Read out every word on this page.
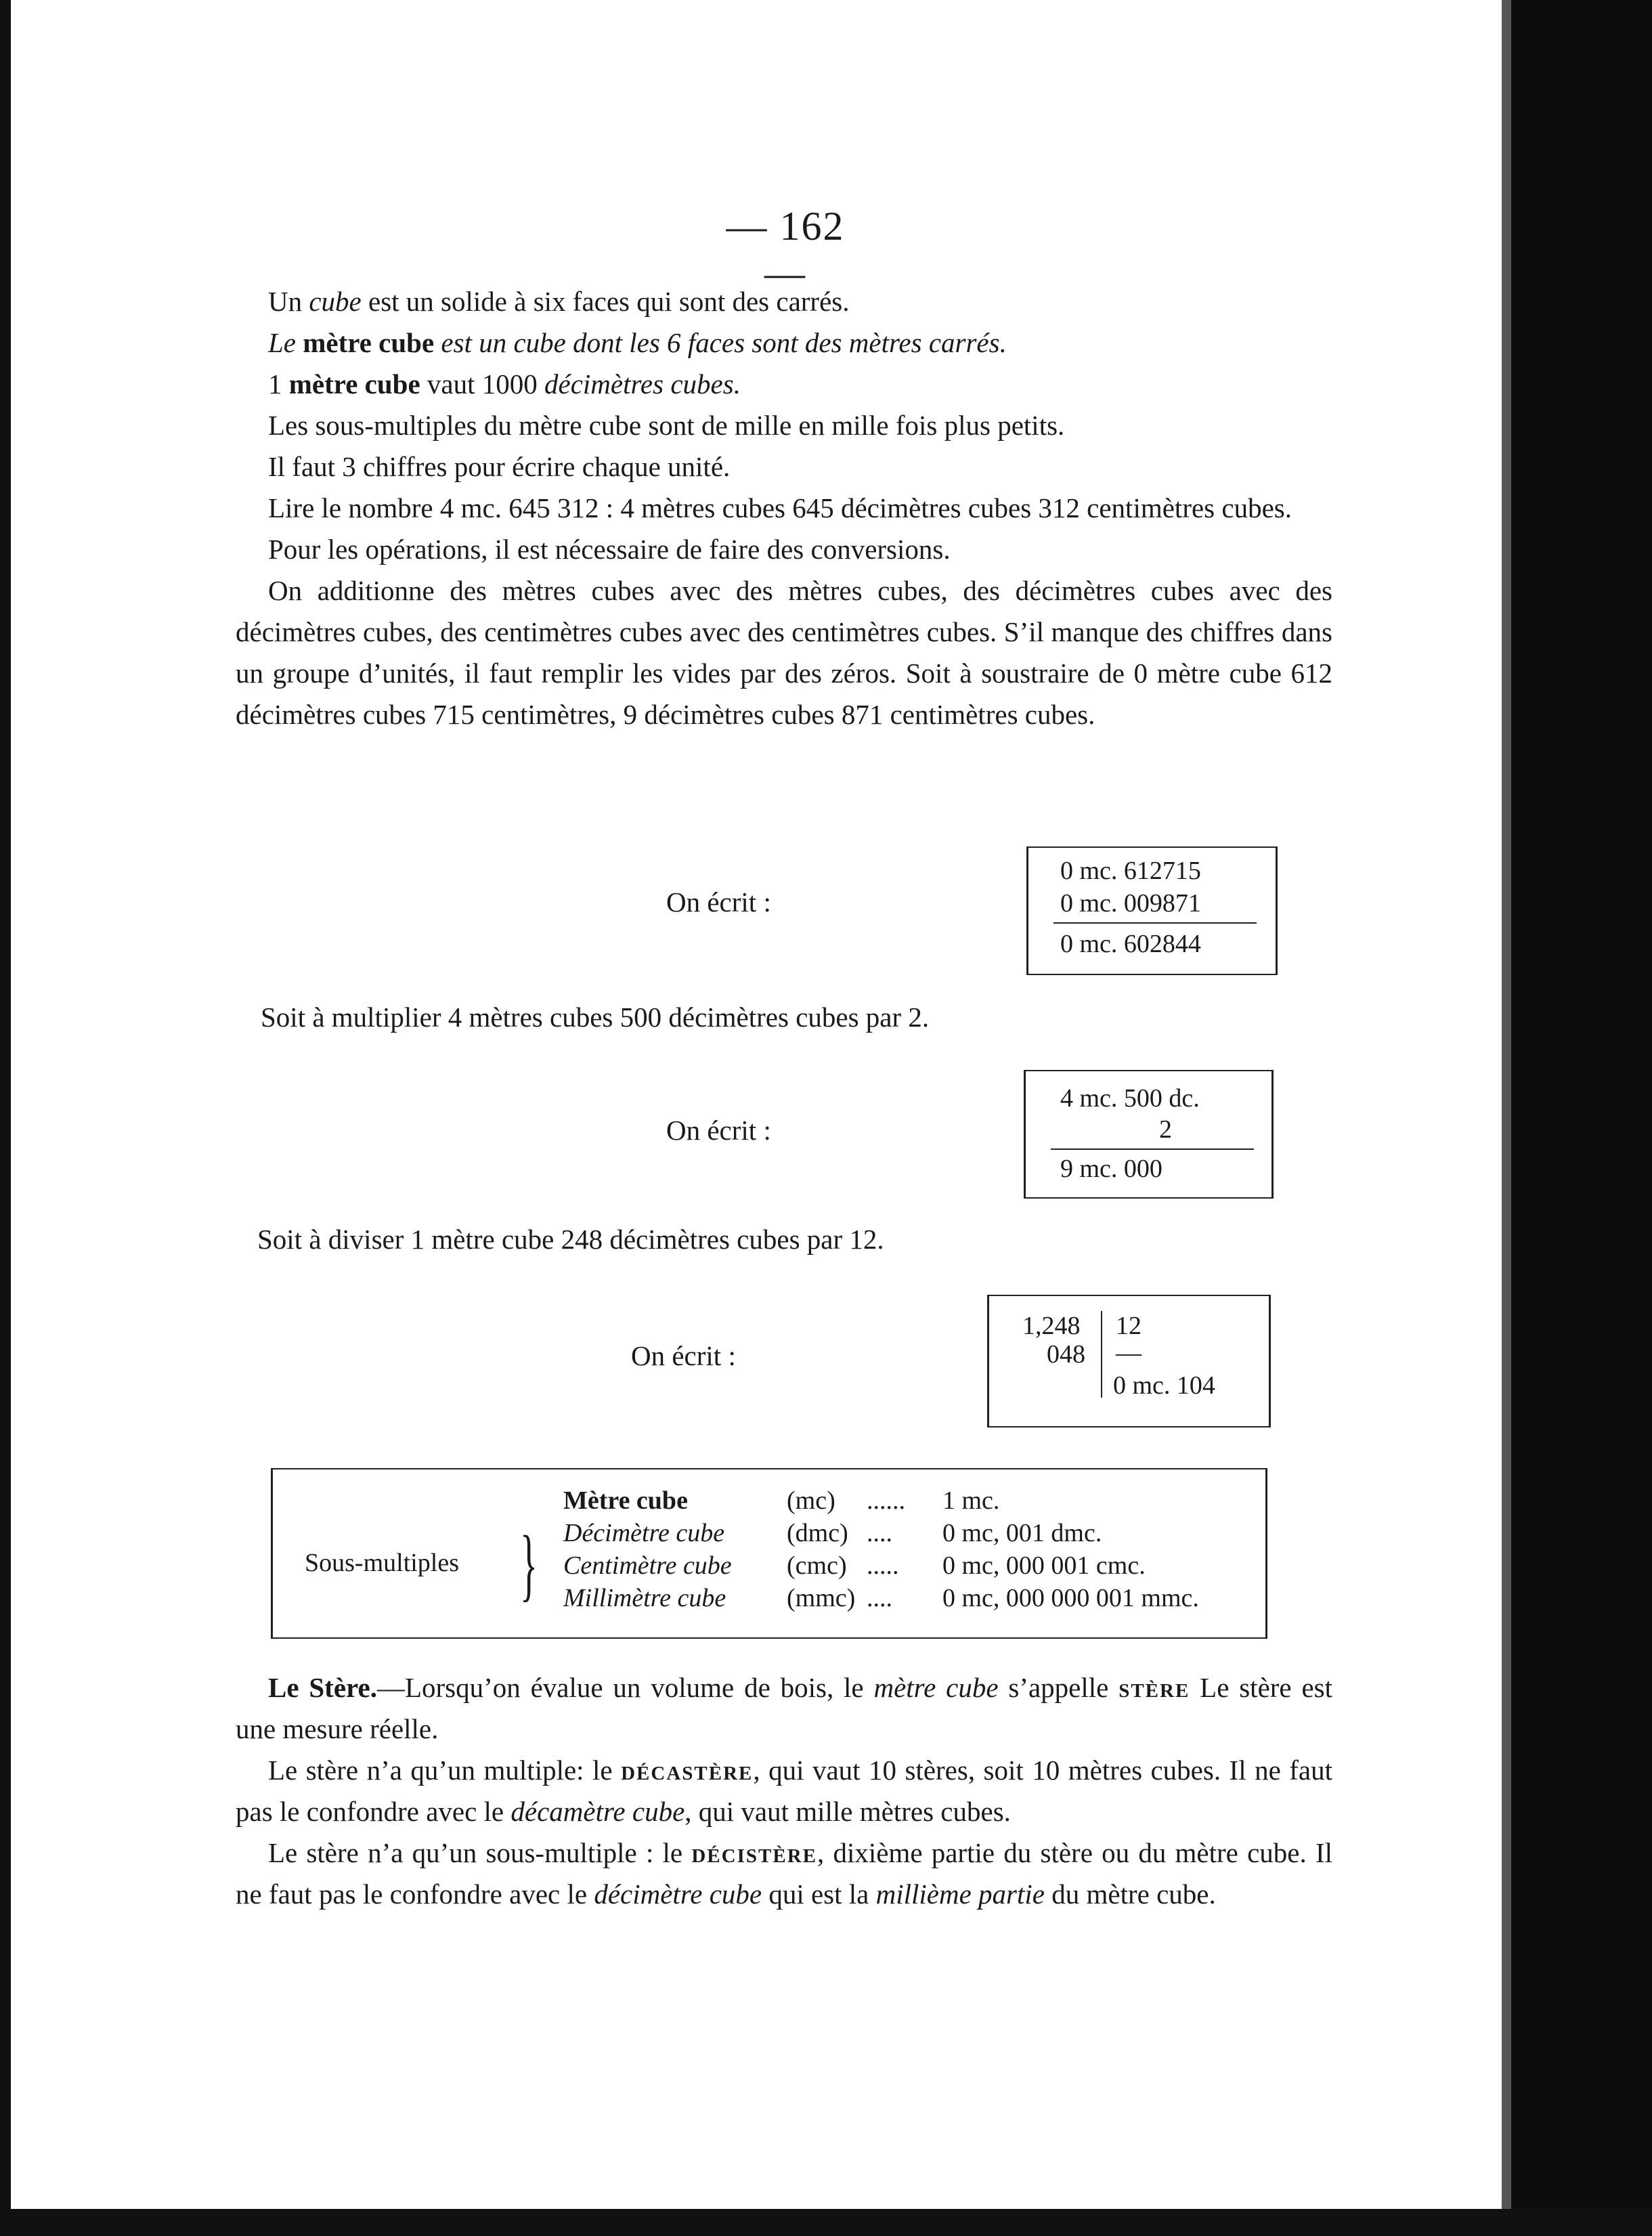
— 162 —

Un cube est un solide à six faces qui sont des carrés.

Le mètre cube est un cube dont les 6 faces sont des mètres carrés.

1 mètre cube vaut 1000 décimètres cubes.

Les sous-multiples du mètre cube sont de mille en mille fois plus petits.

Il faut 3 chiffres pour écrire chaque unité.

Lire le nombre 4 mc. 645 312 : 4 mètres cubes 645 décimètres cubes 312 centimètres cubes.

Pour les opérations, il est nécessaire de faire des conversions.

On additionne des mètres cubes avec des mètres cubes, des décimètres cubes avec des décimètres cubes, des centimètres cubes avec des centimètres cubes. S’il manque des chiffres dans un groupe d’unités, il faut remplir les vides par des zéros. Soit à soustraire de 0 mètre cube 612 décimètres cubes 715 centimètres, 9 décimètres cubes 871 centimètres cubes.

On écrit :
0 mc. 612715
0 mc. 009871
0 mc. 602844
Soit à multiplier 4 mètres cubes 500 décimètres cubes par 2.
On écrit :
4 mc. 500 dc.
2
9 mc. 000
Soit à diviser 1 mètre cube 248 décimètres cubes par 12.
On écrit :
1,248 12
048 —
0 mc. 104
Sous-multiples }
Mètre cube	(mc) ...... 1 mc.
Décimètre cube (dmc) .... 0 mc, 001 dmc.
Centimètre cube (cmc) ..... 0 mc, 000 001 cmc.
Millimètre cube (mmc) .... 0 mc, 000 000 001 mmc.

Le Stère.—Lorsqu’on évalue un volume de bois, le mètre cube s’appelle stère Le stère est une mesure réelle.

Le stère n’a qu’un multiple: le décastère, qui vaut 10 stères, soit 10 mètres cubes. Il ne faut pas le confondre avec le décamètre cube, qui vaut mille mètres cubes.

Le stère n’a qu’un sous-multiple : le décistère, dixième partie du stère ou du mètre cube. Il ne faut pas le confondre avec le décimètre cube qui est la millième partie du mètre cube.
